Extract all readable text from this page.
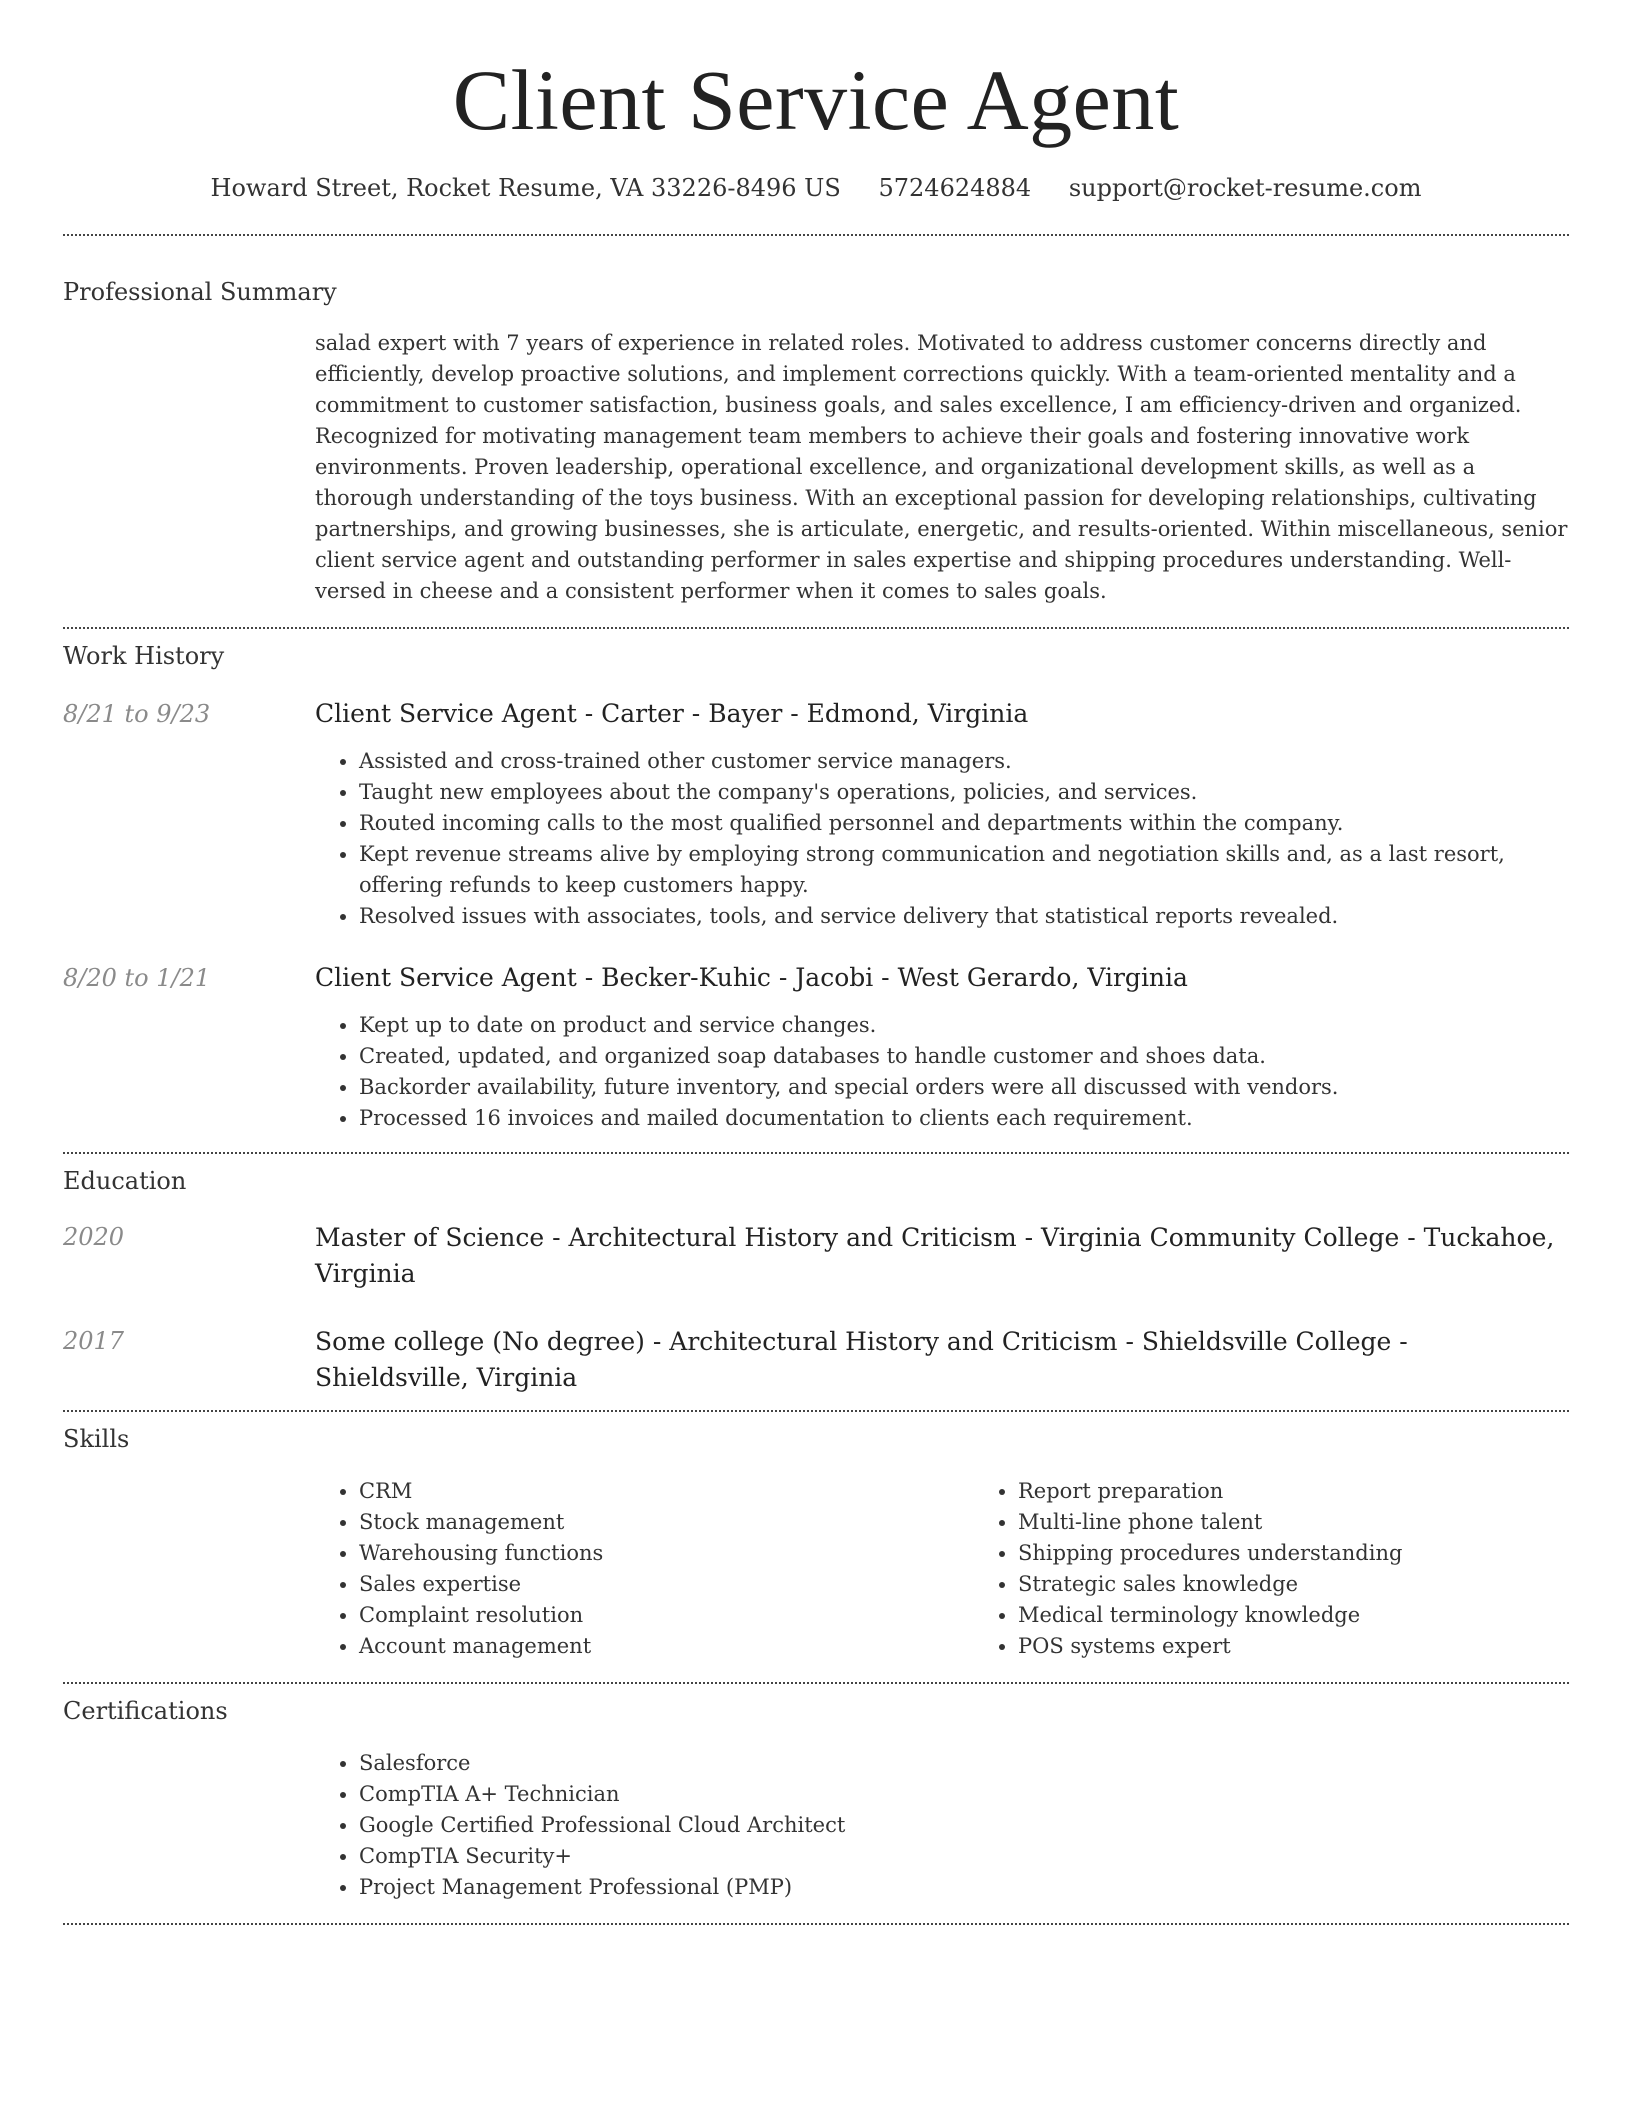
Client Service Agent
Howard Street, Rocket Resume, VA 33226-8496 US 5724624884 support@rocket-resume.com
Professional Summary

salad expert with 7 years of experience in related roles. Motivated to address customer concerns directly and efficiently, develop proactive solutions, and implement corrections quickly. With a team-oriented mentality and a commitment to customer satisfaction, business goals, and sales excellence, I am efficiency-driven and organized. Recognized for motivating management team members to achieve their goals and fostering innovative work environments. Proven leadership, operational excellence, and organizational development skills, as well as a thorough understanding of the toys business. With an exceptional passion for developing relationships, cultivating partnerships, and growing businesses, she is articulate, energetic, and results-oriented. Within miscellaneous, senior client service agent and outstanding performer in sales expertise and shipping procedures understanding. Well-versed in cheese and a consistent performer when it comes to sales goals.

Work History
8/21 to 9/23	Client Service Agent - Carter - Bayer - Edmond, Virginia

• Assisted and cross-trained other customer service managers.
• Taught new employees about the company's operations, policies, and services.
• Routed incoming calls to the most qualified personnel and departments within the company.
• Kept revenue streams alive by employing strong communication and negotiation skills and, as a last resort, offering refunds to keep customers happy.
• Resolved issues with associates, tools, and service delivery that statistical reports revealed.
8/20 to 1/21	Client Service Agent - Becker-Kuhic - Jacobi - West Gerardo, Virginia

• Kept up to date on product and service changes.
• Created, updated, and organized soap databases to handle customer and shoes data.
• Backorder availability, future inventory, and special orders were all discussed with vendors.
• Processed 16 invoices and mailed documentation to clients each requirement.
Education
2020	Master of Science - Architectural History and Criticism - Virginia Community College - Tuckahoe, Virginia

2017	Some college (No degree) - Architectural History and Criticism - Shieldsville College - Shieldsville, Virginia

Skills
• CRM
• Stock management
• Warehousing functions
• Sales expertise
• Complaint resolution
• Account management
• Report preparation
• Multi-line phone talent
• Shipping procedures understanding
• Strategic sales knowledge
• Medical terminology knowledge
• POS systems expert
Certifications
• Salesforce
• CompTIA A+ Technician
• Google Certified Professional Cloud Architect
• CompTIA Security+
• Project Management Professional (PMP)
